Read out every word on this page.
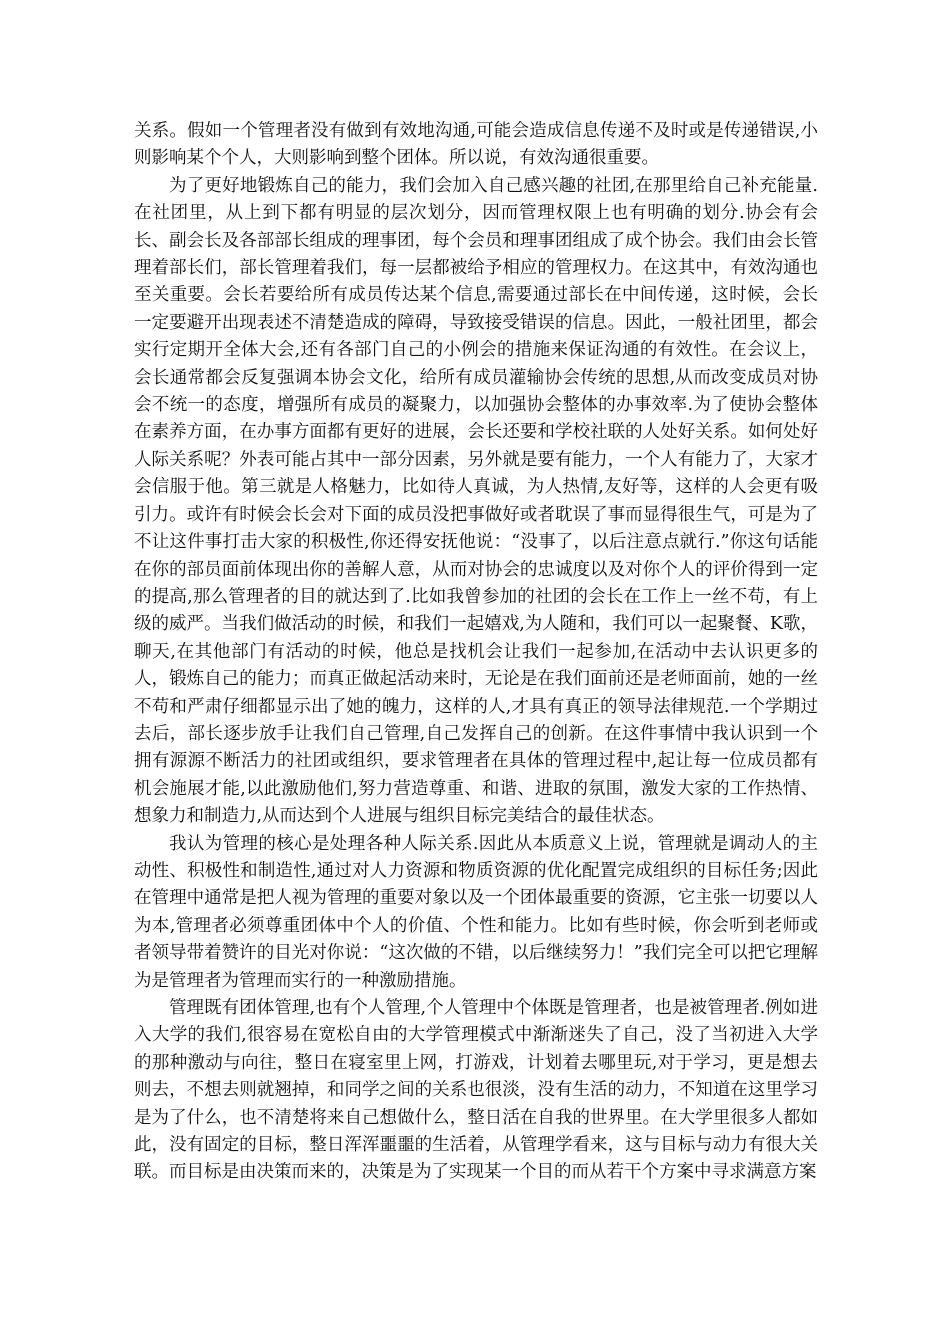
关系。假如一个管理者没有做到有效地沟通,可能会造成信息传递不及时或是传递错误,小则影响某个个人，大则影响到整个团体。所以说，有效沟通很重要。

为了更好地锻炼自己的能力，我们会加入自己感兴趣的社团,在那里给自己补充能量.在社团里，从上到下都有明显的层次划分，因而管理权限上也有明确的划分.协会有会长、副会长及各部部长组成的理事团，每个会员和理事团组成了成个协会。我们由会长管理着部长们，部长管理着我们，每一层都被给予相应的管理权力。在这其中，有效沟通也至关重要。会长若要给所有成员传达某个信息,需要通过部长在中间传递，这时候，会长一定要避开出现表述不清楚造成的障碍，导致接受错误的信息。因此，一般社团里，都会实行定期开全体大会,还有各部门自己的小例会的措施来保证沟通的有效性。在会议上，会长通常都会反复强调本协会文化，给所有成员灌输协会传统的思想,从而改变成员对协会不统一的态度，增强所有成员的凝聚力，以加强协会整体的办事效率.为了使协会整体在素养方面，在办事方面都有更好的进展，会长还要和学校社联的人处好关系。如何处好人际关系呢？外表可能占其中一部分因素，另外就是要有能力，一个人有能力了，大家才会信服于他。第三就是人格魅力，比如待人真诚，为人热情,友好等，这样的人会更有吸引力。或许有时候会长会对下面的成员没把事做好或者耽误了事而显得很生气，可是为了不让这件事打击大家的积极性,你还得安抚他说：“没事了，以后注意点就行.”你这句话能在你的部员面前体现出你的善解人意，从而对协会的忠诚度以及对你个人的评价得到一定的提高,那么管理者的目的就达到了.比如我曾参加的社团的会长在工作上一丝不苟，有上级的威严。当我们做活动的时候，和我们一起嬉戏,为人随和，我们可以一起聚餐、K歌，聊天,在其他部门有活动的时候，他总是找机会让我们一起参加,在活动中去认识更多的人，锻炼自己的能力；而真正做起活动来时，无论是在我们面前还是老师面前，她的一丝不苟和严肃仔细都显示出了她的魄力，这样的人,才具有真正的领导法律规范.一个学期过去后，部长逐步放手让我们自己管理,自己发挥自己的创新。在这件事情中我认识到一个拥有源源不断活力的社团或组织，要求管理者在具体的管理过程中,起让每一位成员都有机会施展才能,以此激励他们,努力营造尊重、和谐、进取的氛围，激发大家的工作热情、想象力和制造力,从而达到个人进展与组织目标完美结合的最佳状态。

我认为管理的核心是处理各种人际关系.因此从本质意义上说，管理就是调动人的主动性、积极性和制造性,通过对人力资源和物质资源的优化配置完成组织的目标任务;因此在管理中通常是把人视为管理的重要对象以及一个团体最重要的资源，它主张一切要以人为本,管理者必须尊重团体中个人的价值、个性和能力。比如有些时候，你会听到老师或者领导带着赞许的目光对你说：“这次做的不错，以后继续努力！”我们完全可以把它理解为是管理者为管理而实行的一种激励措施。

管理既有团体管理,也有个人管理,个人管理中个体既是管理者，也是被管理者.例如进入大学的我们,很容易在宽松自由的大学管理模式中渐渐迷失了自己，没了当初进入大学的那种激动与向往，整日在寝室里上网，打游戏，计划着去哪里玩,对于学习，更是想去则去，不想去则就翘掉，和同学之间的关系也很淡，没有生活的动力，不知道在这里学习是为了什么，也不清楚将来自己想做什么，整日活在自我的世界里。在大学里很多人都如此，没有固定的目标，整日浑浑噩噩的生活着，从管理学看来，这与目标与动力有很大关联。而目标是由决策而来的，决策是为了实现某一个目的而从若干个方案中寻求满意方案
